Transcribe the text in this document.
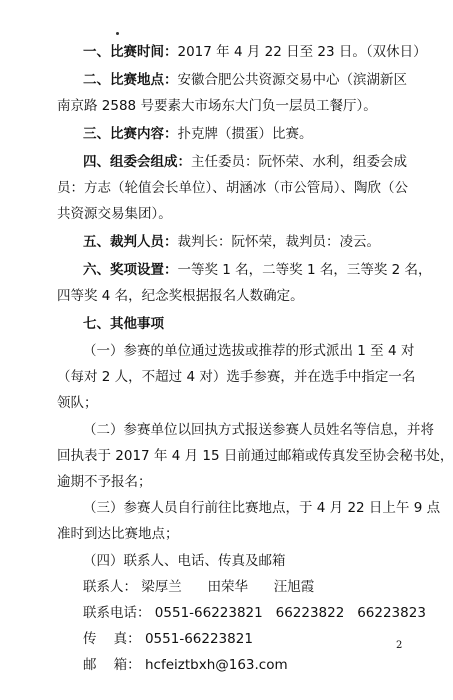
一、比赛时间：2017 年 4 月 22 日至 23 日。（双休日）
二、比赛地点：安徽合肥公共资源交易中心（滨湖新区
南京路 2588 号要素大市场东大门负一层员工餐厅）。
三、比赛内容：扑克牌（掼蛋）比赛。
四、组委会组成：主任委员：阮怀荣、水利，组委会成
员：方志（轮值会长单位）、胡涵冰（市公管局）、陶欣（公
共资源交易集团）。
五、裁判人员：裁判长：阮怀荣，裁判员：凌云。
六、奖项设置：一等奖 1 名，二等奖 1 名，三等奖 2 名，
四等奖 4 名，纪念奖根据报名人数确定。
七、其他事项
（一）参赛的单位通过选拔或推荐的形式派出 1 至 4 对
（每对 2 人，不超过 4 对）选手参赛，并在选手中指定一名
领队；
（二）参赛单位以回执方式报送参赛人员姓名等信息，并将
回执表于 2017 年 4 月 15 日前通过邮箱或传真发至协会秘书处，
逾期不予报名；
（三）参赛人员自行前往比赛地点，于 4 月 22 日上午 9 点
准时到达比赛地点；
（四）联系人、电话、传真及邮箱
联系人： 梁厚兰      田荣华      汪旭霞
联系电话： 0551-66223821   66223822   66223823
传    真： 0551-66223821
邮    箱： hcfeiztbxh@163.com
2
